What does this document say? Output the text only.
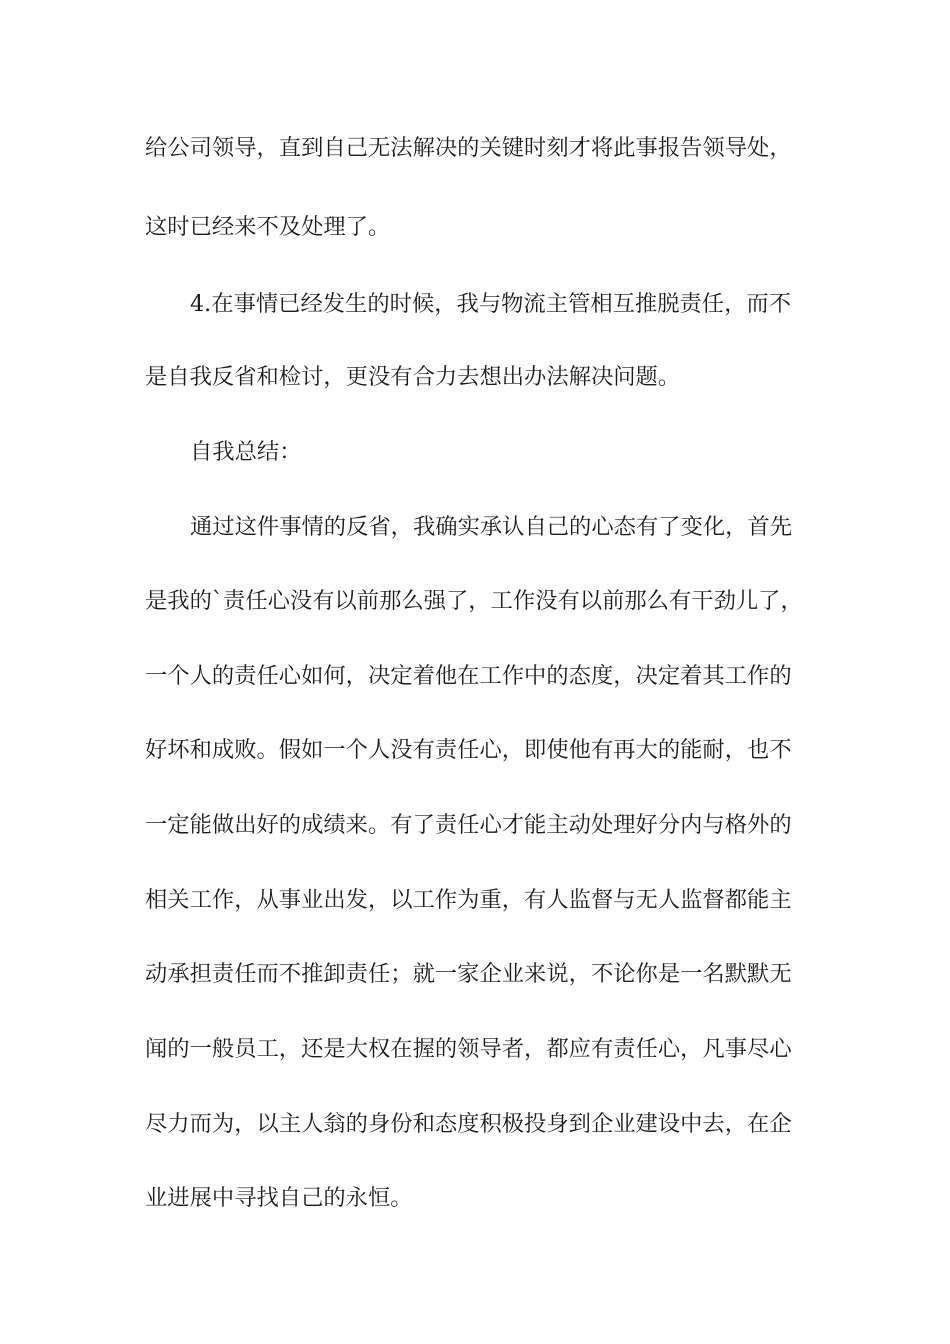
给公司领导，直到自己无法解决的关键时刻才将此事报告领导处，
这时已经来不及处理了。
4.在事情已经发生的时候，我与物流主管相互推脱责任，而不
是自我反省和检讨，更没有合力去想出办法解决问题。
自我总结：
通过这件事情的反省，我确实承认自己的心态有了变化，首先
是我的`责任心没有以前那么强了，工作没有以前那么有干劲儿了，
一个人的责任心如何，决定着他在工作中的态度，决定着其工作的
好坏和成败。假如一个人没有责任心，即使他有再大的能耐，也不
一定能做出好的成绩来。有了责任心才能主动处理好分内与格外的
相关工作，从事业出发，以工作为重，有人监督与无人监督都能主
动承担责任而不推卸责任；就一家企业来说，不论你是一名默默无
闻的一般员工，还是大权在握的领导者，都应有责任心，凡事尽心
尽力而为，以主人翁的身份和态度积极投身到企业建设中去，在企
业进展中寻找自己的永恒。
